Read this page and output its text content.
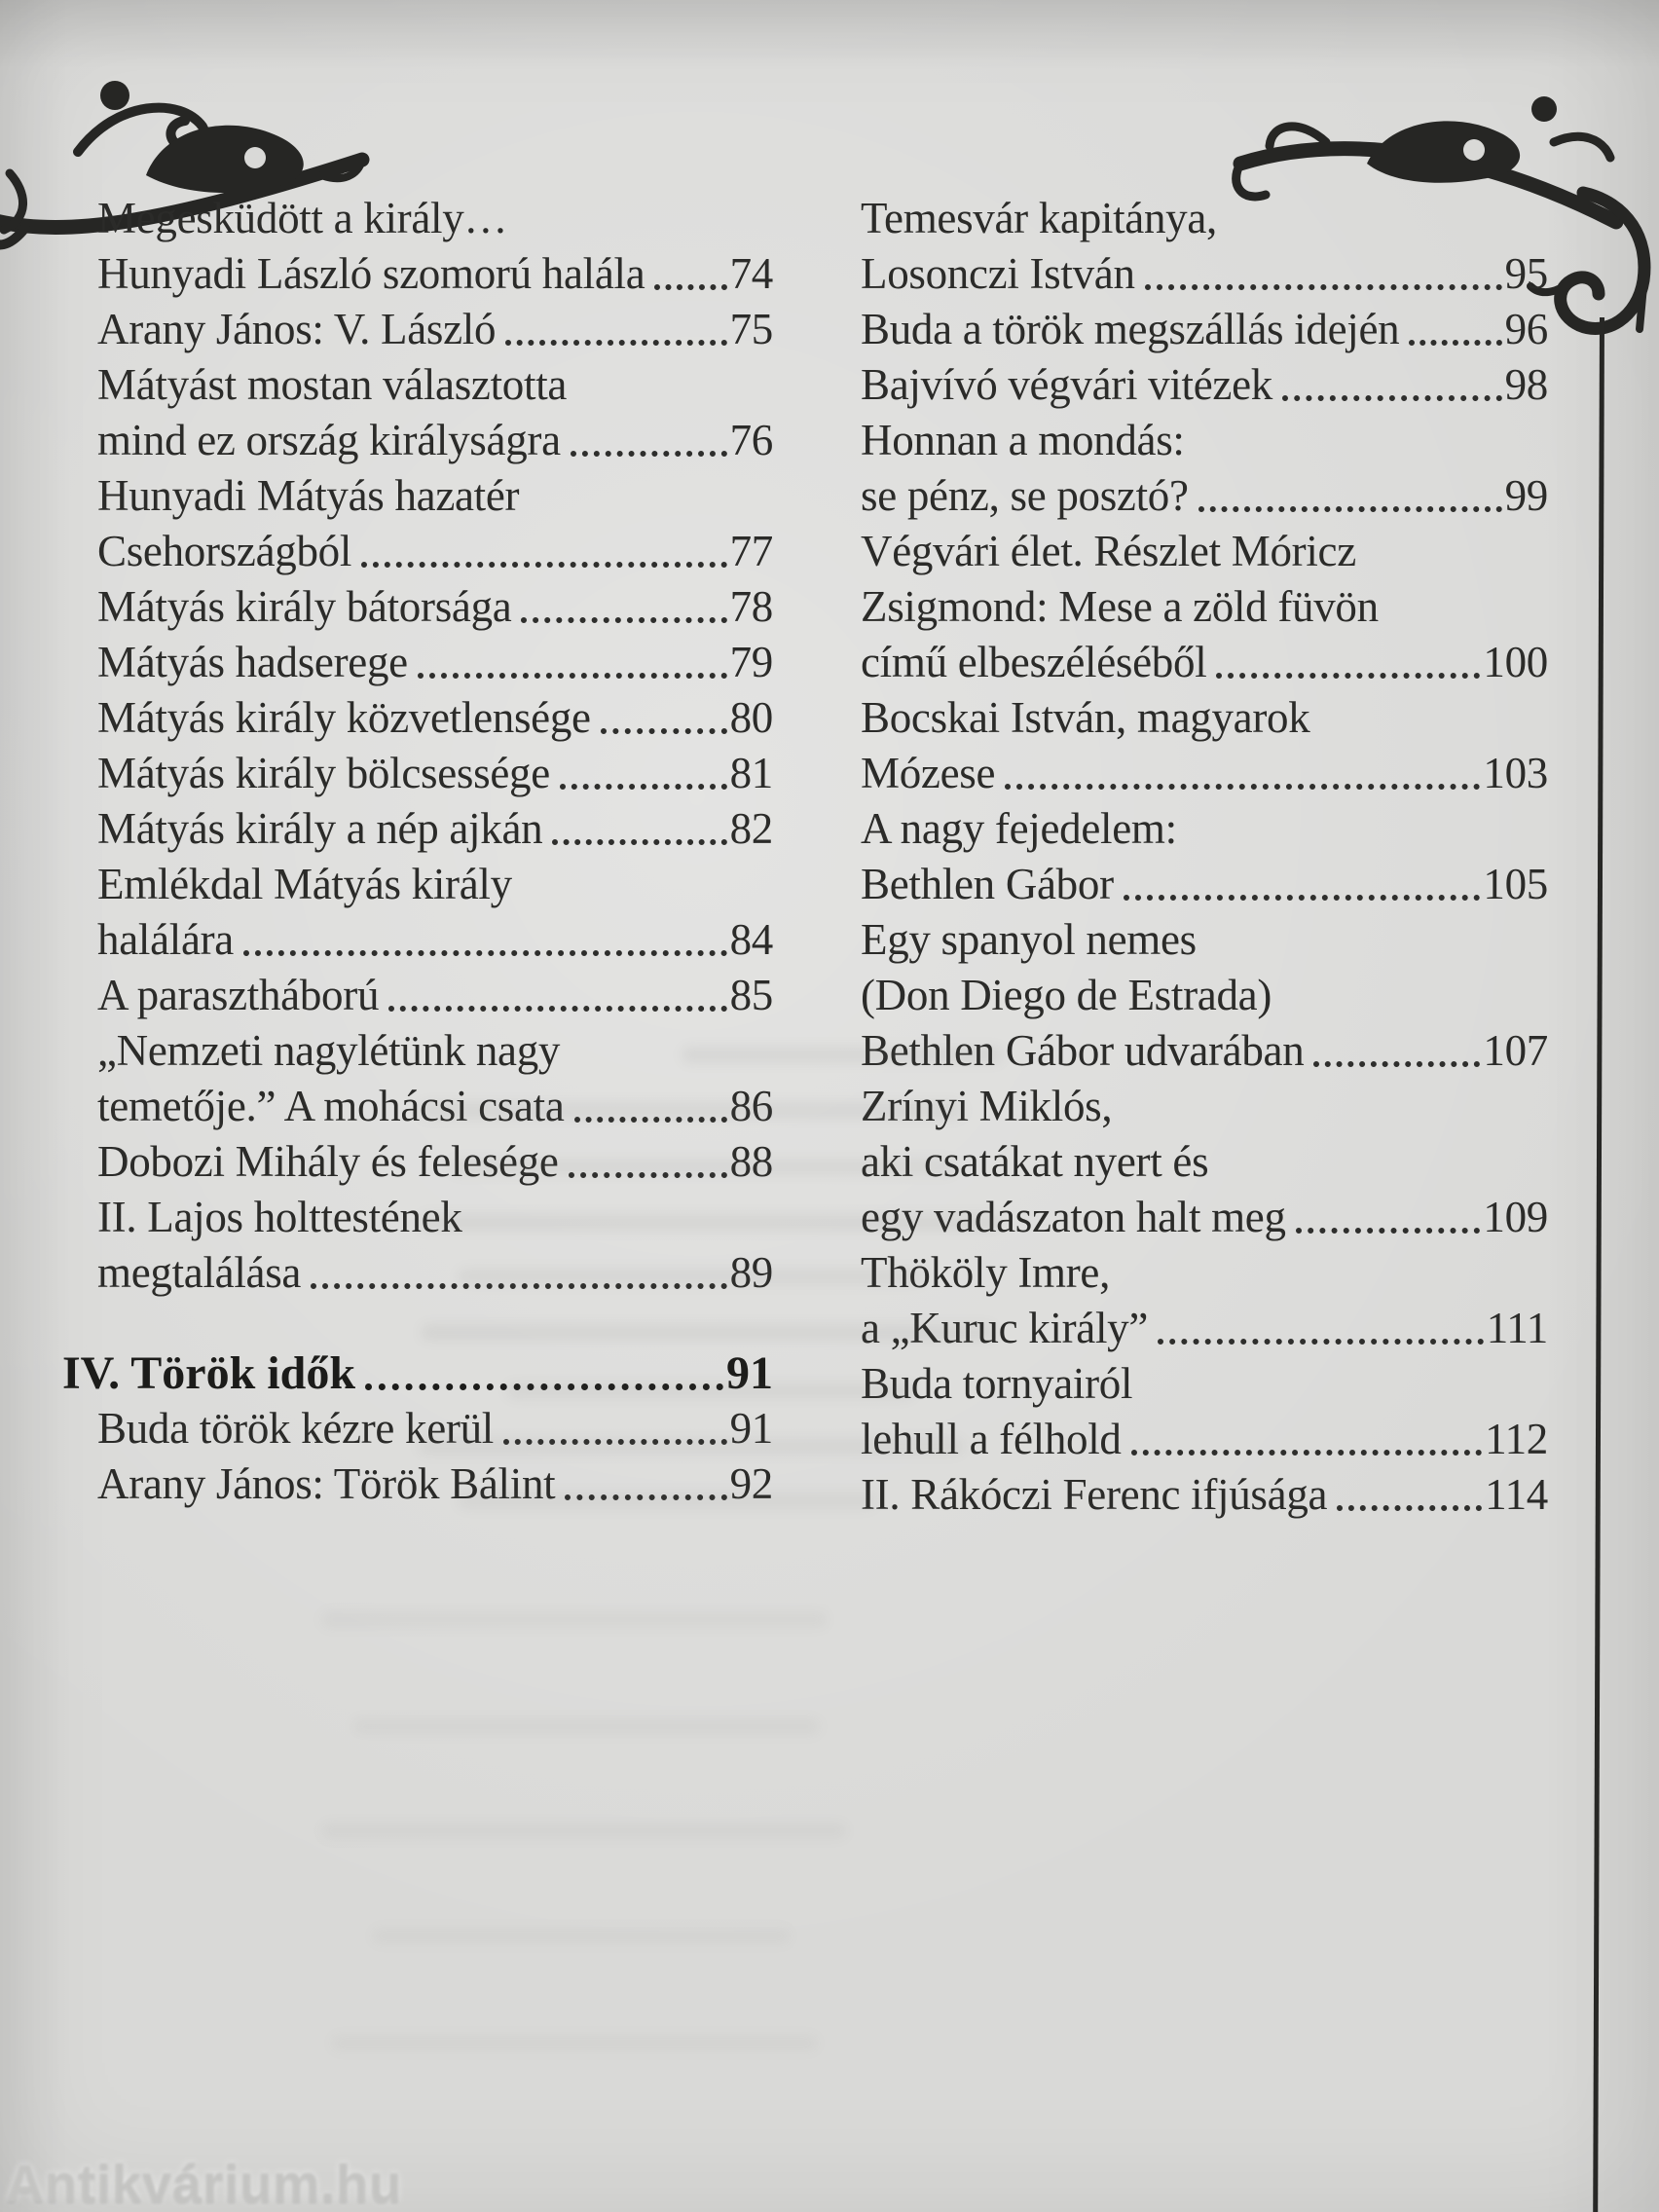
Megesküdött a király…
Hunyadi László szomorú halála 74
Arany János: V. László	75
Mátyást mostan választotta
mind ez ország királyságra	76
Hunyadi Mátyás hazatér
Csehországból	77
Mátyás király bátorsága	78
Mátyás hadserege	79
Mátyás király közvetlensége	80
Mátyás király bölcsessége	81
Mátyás király a nép ajkán	82
Emlékdal Mátyás király
halálára	84
A parasztháború	85
„Nemzeti nagylétünk nagy
temetője.” A mohácsi csata	86
Dobozi Mihály és felesége	88
II. Lajos holttestének
megtalálása	89
IV. Török idők	91
Buda török kézre kerül	91
Arany János: Török Bálint	92
Temesvár kapitánya,
Losonczi István	95
Buda a török megszállás idején 96
Bajvívó végvári vitézek	98
Honnan a mondás:
se pénz, se posztó?	99
Végvári élet. Részlet Móricz
Zsigmond: Mese a zöld füvön
című elbeszéléséből	100
Bocskai István, magyarok
Mózese	103
A nagy fejedelem:
Bethlen Gábor	105
Egy spanyol nemes
(Don Diego de Estrada)
Bethlen Gábor udvarában	107
Zrínyi Miklós,
aki csatákat nyert és
egy vadászaton halt meg	109
Thököly Imre,
a „Kuruc király”	111
Buda tornyairól
lehull a félhold	112
II. Rákóczi Ferenc ifjúsága	114
Antikvárium.hu
